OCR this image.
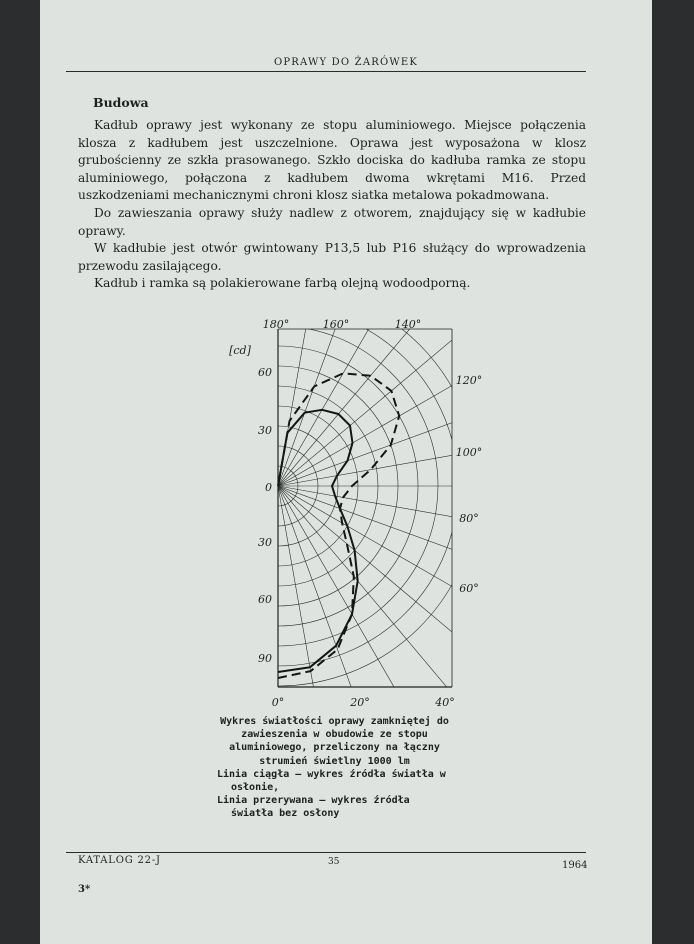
OPRAWY DO ŻARÓWEK
Budowa

Kadłub oprawy jest wykonany ze stopu aluminiowego. Miejsce połączenia klosza z kadłubem jest uszczelnione. Oprawa jest wyposażona w klosz grubościenny ze szkła prasowanego. Szkło dociska do kadłuba ramka ze stopu aluminiowego, połączona z kadłubem dwoma wkrętami M16. Przed uszkodzeniami mechanicznymi chroni klosz siatka metalowa pokadmowana.

Do zawieszania oprawy służy nadlew z otworem, znajdujący się w kadłubie oprawy.

W kadłubie jest otwór gwintowany P13,5 lub P16 służący do wprowadzenia przewodu zasilającego.

Kadłub i ramka są polakierowane farbą olejną wodoodporną.

[cd]
180°	160°	140°
120°
100°
80°
60°
60
30
0
30
60
90
0°	20°	40°
Wykres światłości oprawy zamkniętej do zawieszenia w obudowie ze stopu aluminiowego, przeliczony na łączny strumień świetlny 1000 lm
Linia ciągła — wykres źródła światła w osłonie,
Linia przerywana — wykres źródła światła bez osłony
KATALOG 22-J	35	1964
3*
